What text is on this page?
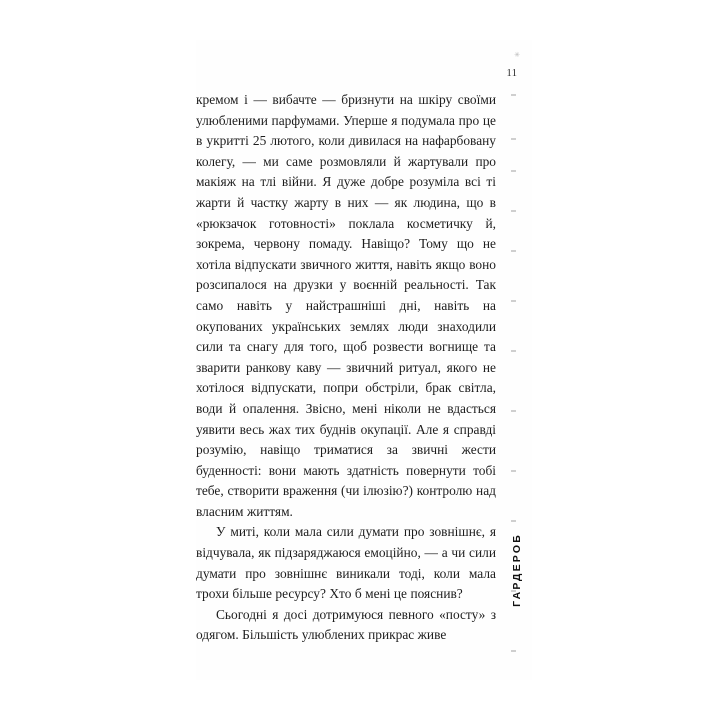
✳
11

кремом і — вибачте — бризнути на шкіру своїми улюбленими парфумами. Уперше я подумала про це в укритті 25 лютого, коли дивилася на нафарбовану колегу, — ми саме розмовляли й жартували про макіяж на тлі війни. Я дуже добре розуміла всі ті жарти й частку жарту в них — як людина, що в «рюкзачок готовності» поклала косметичку й, зокрема, червону помаду. Навіщо? Тому що не хотіла відпускати звичного життя, навіть якщо воно розсипалося на друзки у воєнній реальності. Так само навіть у найстрашніші дні, навіть на окупованих українських землях люди знаходили сили та снагу для того, щоб розвести вогнище та зварити ранкову каву — звичний ритуал, якого не хотілося відпускати, попри обстріли, брак світла, води й опалення. Звісно, мені ніколи не вдасться уявити весь жах тих буднів окупації. Але я справді розумію, навіщо триматися за звичні жести буденності: вони мають здатність повернути тобі тебе, створити враження (чи ілюзію?) контролю над власним життям.

У миті, коли мала сили думати про зовнішнє, я відчувала, як підзаряджаюся емоційно, — а чи сили думати про зовнішнє виникали тоді, коли мала трохи більше ресурсу? Хто б мені це пояснив?

Сьогодні я досі дотримуюся певного «посту» з одягом. Більшість улюблених прикрас живе

ГАРДЕРОБ
